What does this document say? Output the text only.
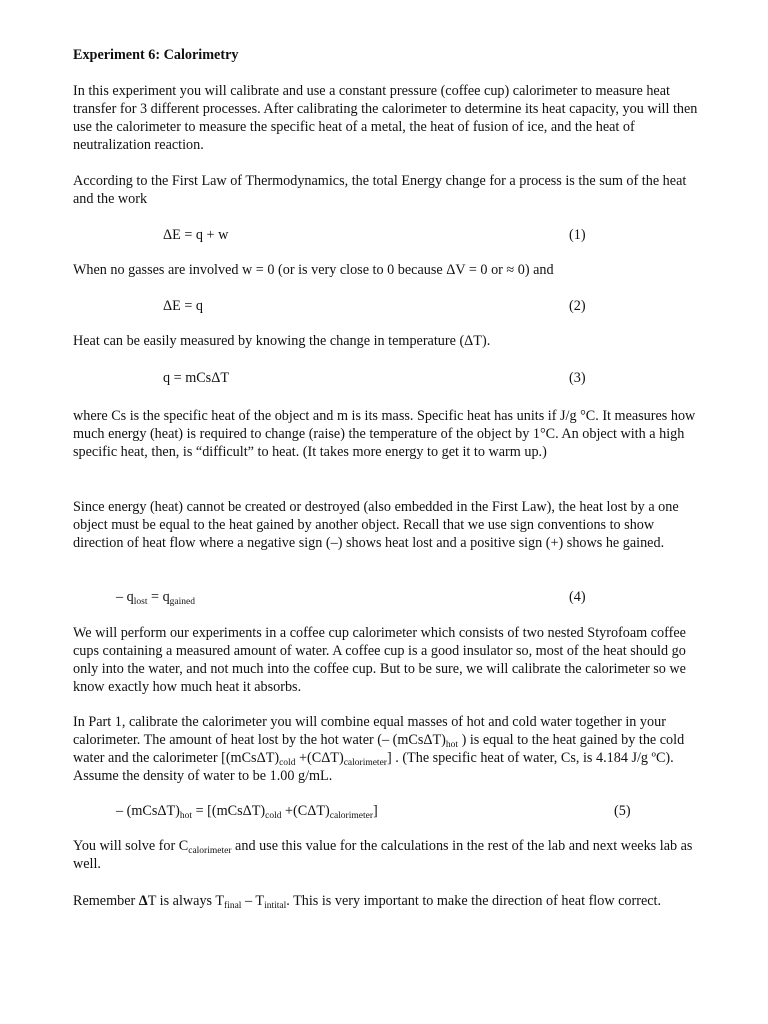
Experiment 6: Calorimetry

In this experiment you will calibrate and use a constant pressure (coffee cup) calorimeter to measure heat transfer for 3 different processes. After calibrating the calorimeter to determine its heat capacity, you will then use the calorimeter to measure the specific heat of a metal, the heat of fusion of ice, and the heat of neutralization reaction.

According to the First Law of Thermodynamics, the total Energy change for a process is the sum of the heat and the work

ΔE = q + w	(1)

When no gasses are involved w = 0 (or is very close to 0 because ΔV = 0 or ≈ 0) and

ΔE = q	(2)

Heat can be easily measured by knowing the change in temperature (ΔT).

q = mCsΔT	(3)

where Cs is the specific heat of the object and m is its mass. Specific heat has units if J/g °C. It measures how much energy (heat) is required to change (raise) the temperature of the object by 1°C. An object with a high specific heat, then, is “difficult” to heat. (It takes more energy to get it to warm up.)

Since energy (heat) cannot be created or destroyed (also embedded in the First Law), the heat lost by a one object must be equal to the heat gained by another object. Recall that we use sign conventions to show direction of heat flow where a negative sign (–) shows heat lost and a positive sign (+) shows he gained.

– $q_{lost} = q_{gained}$	(4)

We will perform our experiments in a coffee cup calorimeter which consists of two nested Styrofoam coffee cups containing a measured amount of water. A coffee cup is a good insulator so, most of the heat should go only into the water, and not much into the coffee cup. But to be sure, we will calibrate the calorimeter so we know exactly how much heat it absorbs.

In Part 1, calibrate the calorimeter you will combine equal masses of hot and cold water together in your calorimeter. The amount of heat lost by the hot water (– $(mCs\Delta T)_{hot}$ ) is equal to the heat gained by the cold water and the calorimeter $[(mCs\Delta T)_{cold} +(C\Delta T)_{calorimeter}]$ . (The specific heat of water, Cs, is 4.184 J/g ºC). Assume the density of water to be 1.00 g/mL.

– $(mCs\Delta T)_{hot} = [(mCs\Delta T)_{cold} +(C\Delta T)_{calorimeter}]$	(5)

You will solve for $C_{calorimeter}$ and use this value for the calculations in the rest of the lab and next weeks lab as well.

Remember ΔT is always $T_{final} - T_{intital}$. This is very important to make the direction of heat flow correct.
